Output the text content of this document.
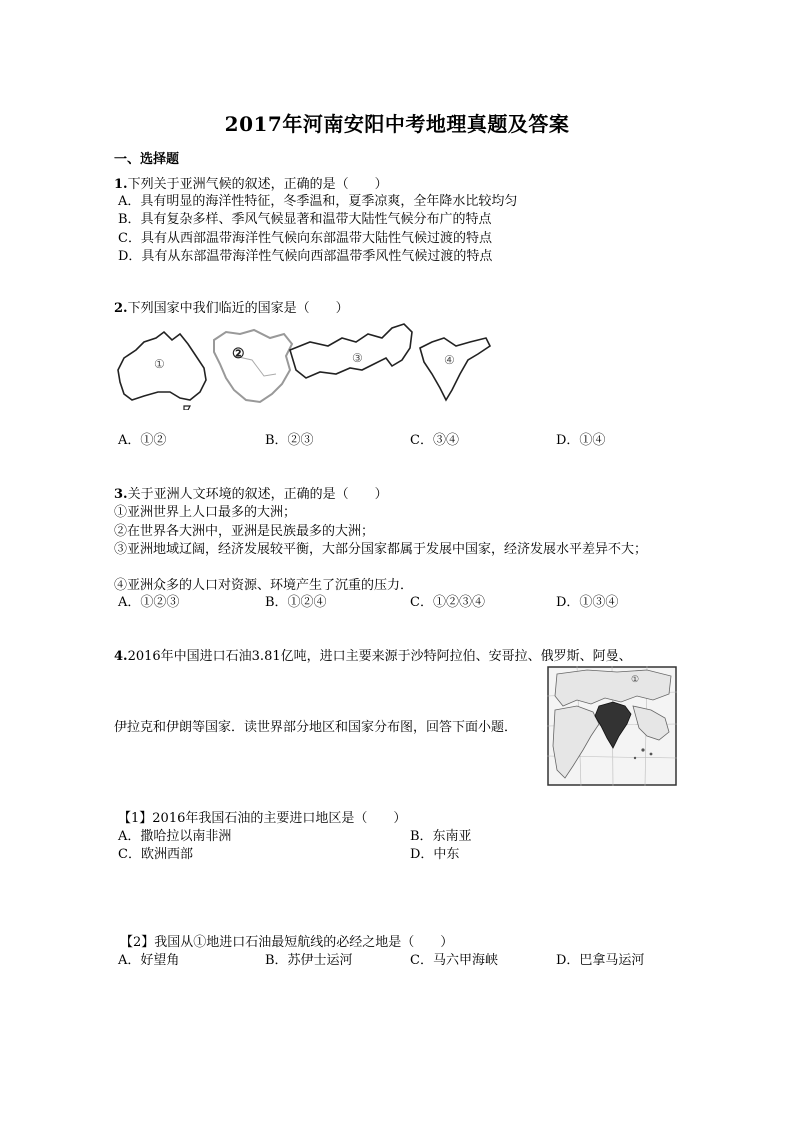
2017年河南安阳中考地理真题及答案
一、选择题
1.下列关于亚洲气候的叙述，正确的是（　　）
A．具有明显的海洋性特征，冬季温和，夏季凉爽，全年降水比较均匀
B．具有复杂多样、季风气候显著和温带大陆性气候分布广的特点
C．具有从西部温带海洋性气候向东部温带大陆性气候过渡的特点
D．具有从东部温带海洋性气候向西部温带季风性气候过渡的特点
2.下列国家中我们临近的国家是（　　）
①
②	③	④
A．①②	B．②③	C．③④	D．①④
3.关于亚洲人文环境的叙述，正确的是（　　）
①亚洲世界上人口最多的大洲；
②在世界各大洲中，亚洲是民族最多的大洲；
③亚洲地域辽阔，经济发展较平衡，大部分国家都属于发展中国家，经济发展水平差异不大；
④亚洲众多的人口对资源、环境产生了沉重的压力．
A．①②③	B．①②④	C．①②③④	D．①③④
4.2016年中国进口石油3.81亿吨，进口主要来源于沙特阿拉伯、安哥拉、俄罗斯、阿曼、
伊拉克和伊朗等国家．读世界部分地区和国家分布图，回答下面小题．
①
【1】2016年我国石油的主要进口地区是（　　）
A．撒哈拉以南非洲	B．东南亚
C．欧洲西部	D．中东
【2】我国从①地进口石油最短航线的必经之地是（　　）
A．好望角	B．苏伊士运河	C．马六甲海峡	D．巴拿马运河
